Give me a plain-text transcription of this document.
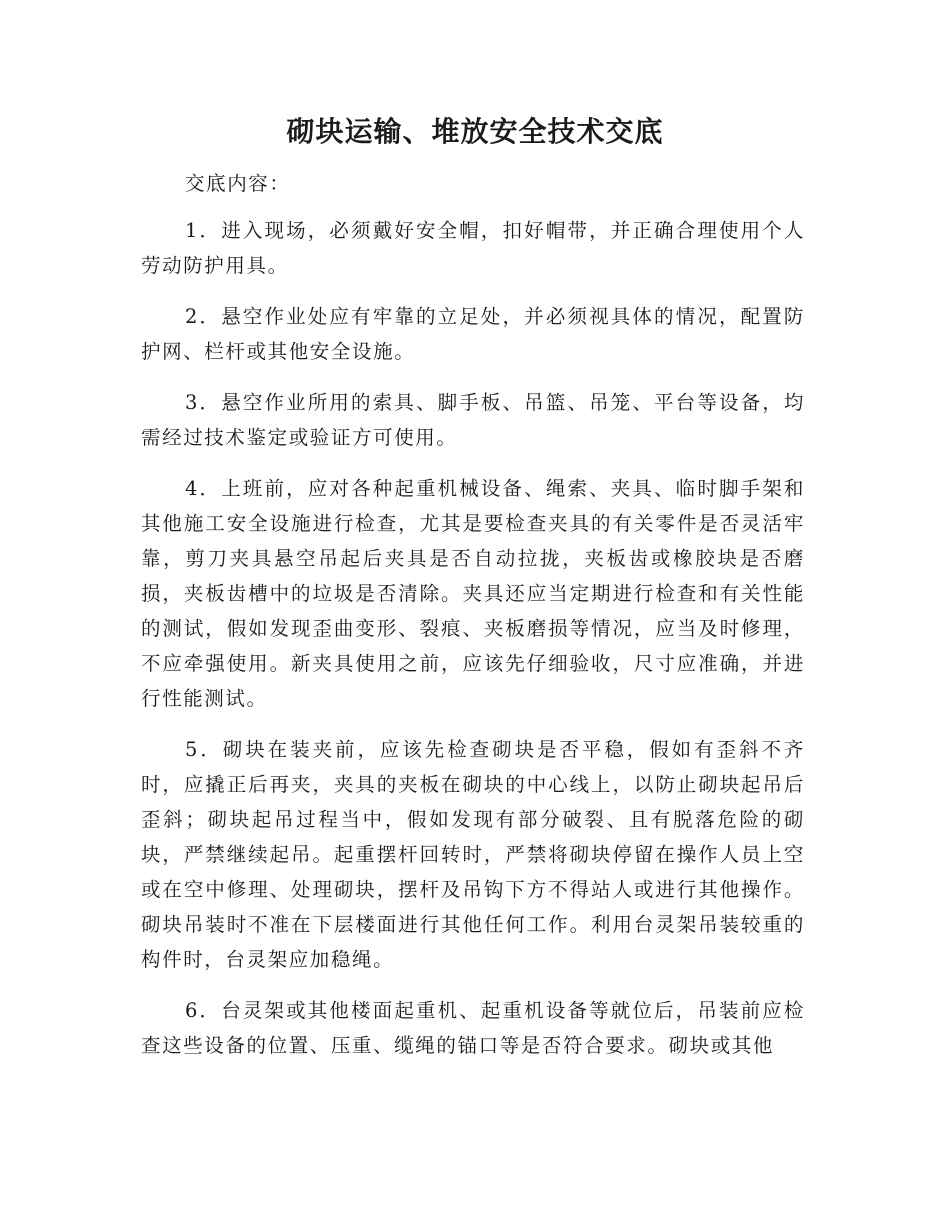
砌块运输、堆放安全技术交底

交底内容：

1．进入现场，必须戴好安全帽，扣好帽带，并正确合理使用个人劳动防护用具。

2．悬空作业处应有牢靠的立足处，并必须视具体的情况，配置防护网、栏杆或其他安全设施。

3．悬空作业所用的索具、脚手板、吊篮、吊笼、平台等设备，均需经过技术鉴定或验证方可使用。

4．上班前，应对各种起重机械设备、绳索、夹具、临时脚手架和其他施工安全设施进行检查，尤其是要检查夹具的有关零件是否灵活牢靠，剪刀夹具悬空吊起后夹具是否自动拉拢，夹板齿或橡胶块是否磨损，夹板齿槽中的垃圾是否清除。夹具还应当定期进行检查和有关性能的测试，假如发现歪曲变形、裂痕、夹板磨损等情况，应当及时修理，不应牵强使用。新夹具使用之前，应该先仔细验收，尺寸应准确，并进行性能测试。

5．砌块在装夹前，应该先检查砌块是否平稳，假如有歪斜不齐时，应撬正后再夹，夹具的夹板在砌块的中心线上，以防止砌块起吊后歪斜；砌块起吊过程当中，假如发现有部分破裂、且有脱落危险的砌块，严禁继续起吊。起重摆杆回转时，严禁将砌块停留在操作人员上空或在空中修理、处理砌块，摆杆及吊钩下方不得站人或进行其他操作。砌块吊装时不准在下层楼面进行其他任何工作。利用台灵架吊装较重的构件时，台灵架应加稳绳。

6．台灵架或其他楼面起重机、起重机设备等就位后，吊装前应检查这些设备的位置、压重、缆绳的锚口等是否符合要求。砌块或其他
